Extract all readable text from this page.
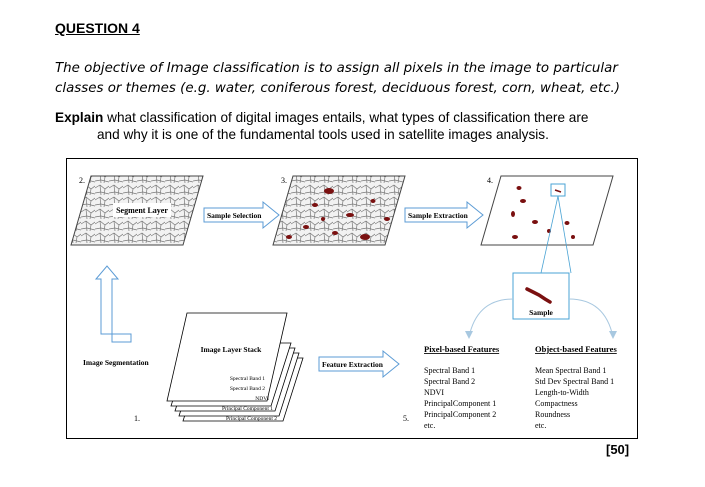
QUESTION 4
The objective of Image classification is to assign all pixels in the image to particular
classes or themes (e.g. water, coniferous forest, deciduous forest, corn, wheat, etc.)
Explain what classification of digital images entails, what types of classification there are
and why it is one of the fundamental tools used in satellite images analysis.
2.	3.	4.
1.	5.
Segment Layer
Sample Selection	Sample Extraction
Sample
Image Segmentation
Image Layer Stack
Spectral Band 1
Spectral Band 2
NDVI
Principal Component 1
Principal Component 2
Feature Extraction
Pixel-based Features
Spectral Band 1
Spectral Band 2
NDVI
PrincipalComponent 1
PrincipalComponent 2
etc.
Object-based Features
Mean Spectral Band 1
Std Dev Spectral Band 1
Length-to-Width
Compactness
Roundness
etc.
[50]
